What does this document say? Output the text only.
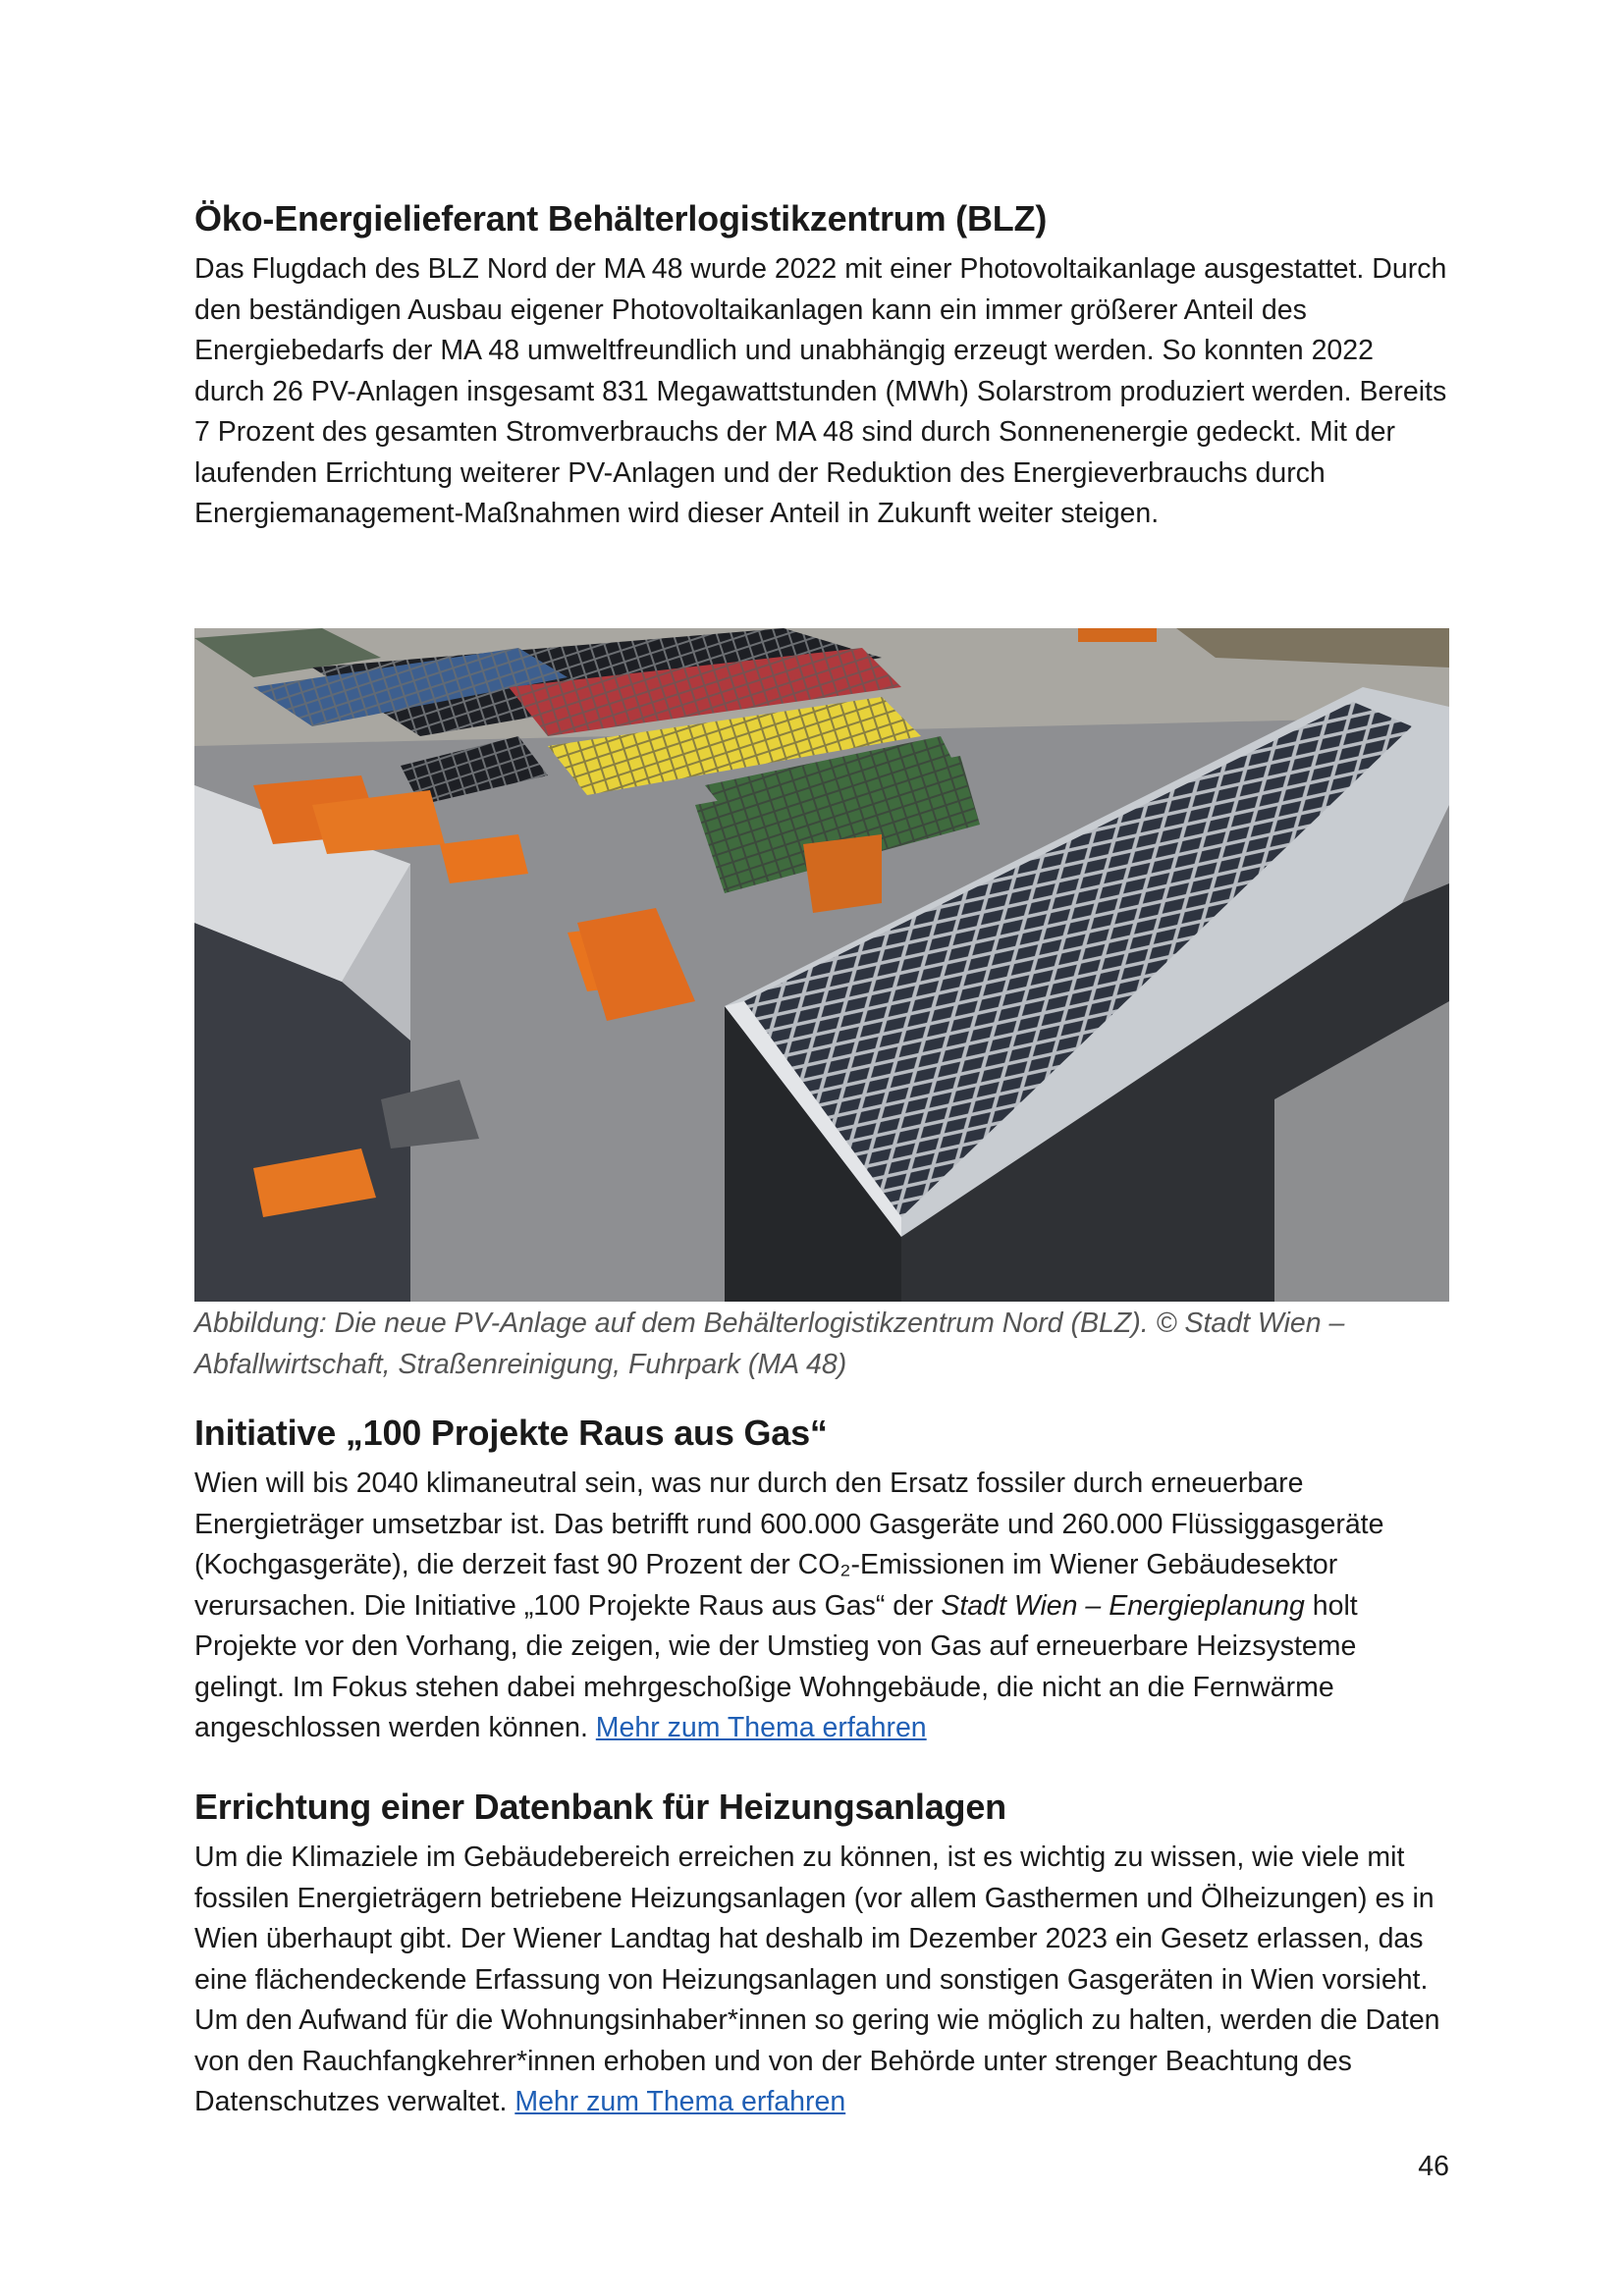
Öko-Energielieferant Behälterlogistikzentrum (BLZ)

Das Flugdach des BLZ Nord der MA 48 wurde 2022 mit einer Photovoltaikanlage ausgestattet. Durch den beständigen Ausbau eigener Photovoltaikanlagen kann ein immer größerer Anteil des Energiebedarfs der MA 48 umweltfreundlich und unabhängig erzeugt werden. So konnten 2022 durch 26 PV-Anlagen insgesamt 831 Megawattstunden (MWh) Solarstrom produziert werden. Bereits 7 Prozent des gesamten Stromverbrauchs der MA 48 sind durch Sonnenenergie gedeckt. Mit der laufenden Errichtung weiterer PV-Anlagen und der Reduktion des Energieverbrauchs durch Energiemanagement-Maßnahmen wird dieser Anteil in Zukunft weiter steigen.

Abbildung: Die neue PV-Anlage auf dem Behälterlogistikzentrum Nord (BLZ). © Stadt Wien – Abfallwirtschaft, Straßenreinigung, Fuhrpark (MA 48)
Initiative „100 Projekte Raus aus Gas“

Wien will bis 2040 klimaneutral sein, was nur durch den Ersatz fossiler durch erneuerbare Energieträger umsetzbar ist. Das betrifft rund 600.000 Gasgeräte und 260.000 Flüssiggasgeräte (Kochgasgeräte), die derzeit fast 90 Prozent der CO₂-Emissionen im Wiener Gebäudesektor verursachen. Die Initiative „100 Projekte Raus aus Gas“ der Stadt Wien – Energieplanung holt Projekte vor den Vorhang, die zeigen, wie der Umstieg von Gas auf erneuerbare Heizsysteme gelingt. Im Fokus stehen dabei mehrgeschoßige Wohngebäude, die nicht an die Fernwärme angeschlossen werden können. Mehr zum Thema erfahren

Errichtung einer Datenbank für Heizungsanlagen

Um die Klimaziele im Gebäudebereich erreichen zu können, ist es wichtig zu wissen, wie viele mit fossilen Energieträgern betriebene Heizungsanlagen (vor allem Gasthermen und Ölheizungen) es in Wien überhaupt gibt. Der Wiener Landtag hat deshalb im Dezember 2023 ein Gesetz erlassen, das eine flächendeckende Erfassung von Heizungsanlagen und sonstigen Gasgeräten in Wien vorsieht. Um den Aufwand für die Wohnungsinhaber*innen so gering wie möglich zu halten, werden die Daten von den Rauchfangkehrer*innen erhoben und von der Behörde unter strenger Beachtung des Datenschutzes verwaltet. Mehr zum Thema erfahren

46
